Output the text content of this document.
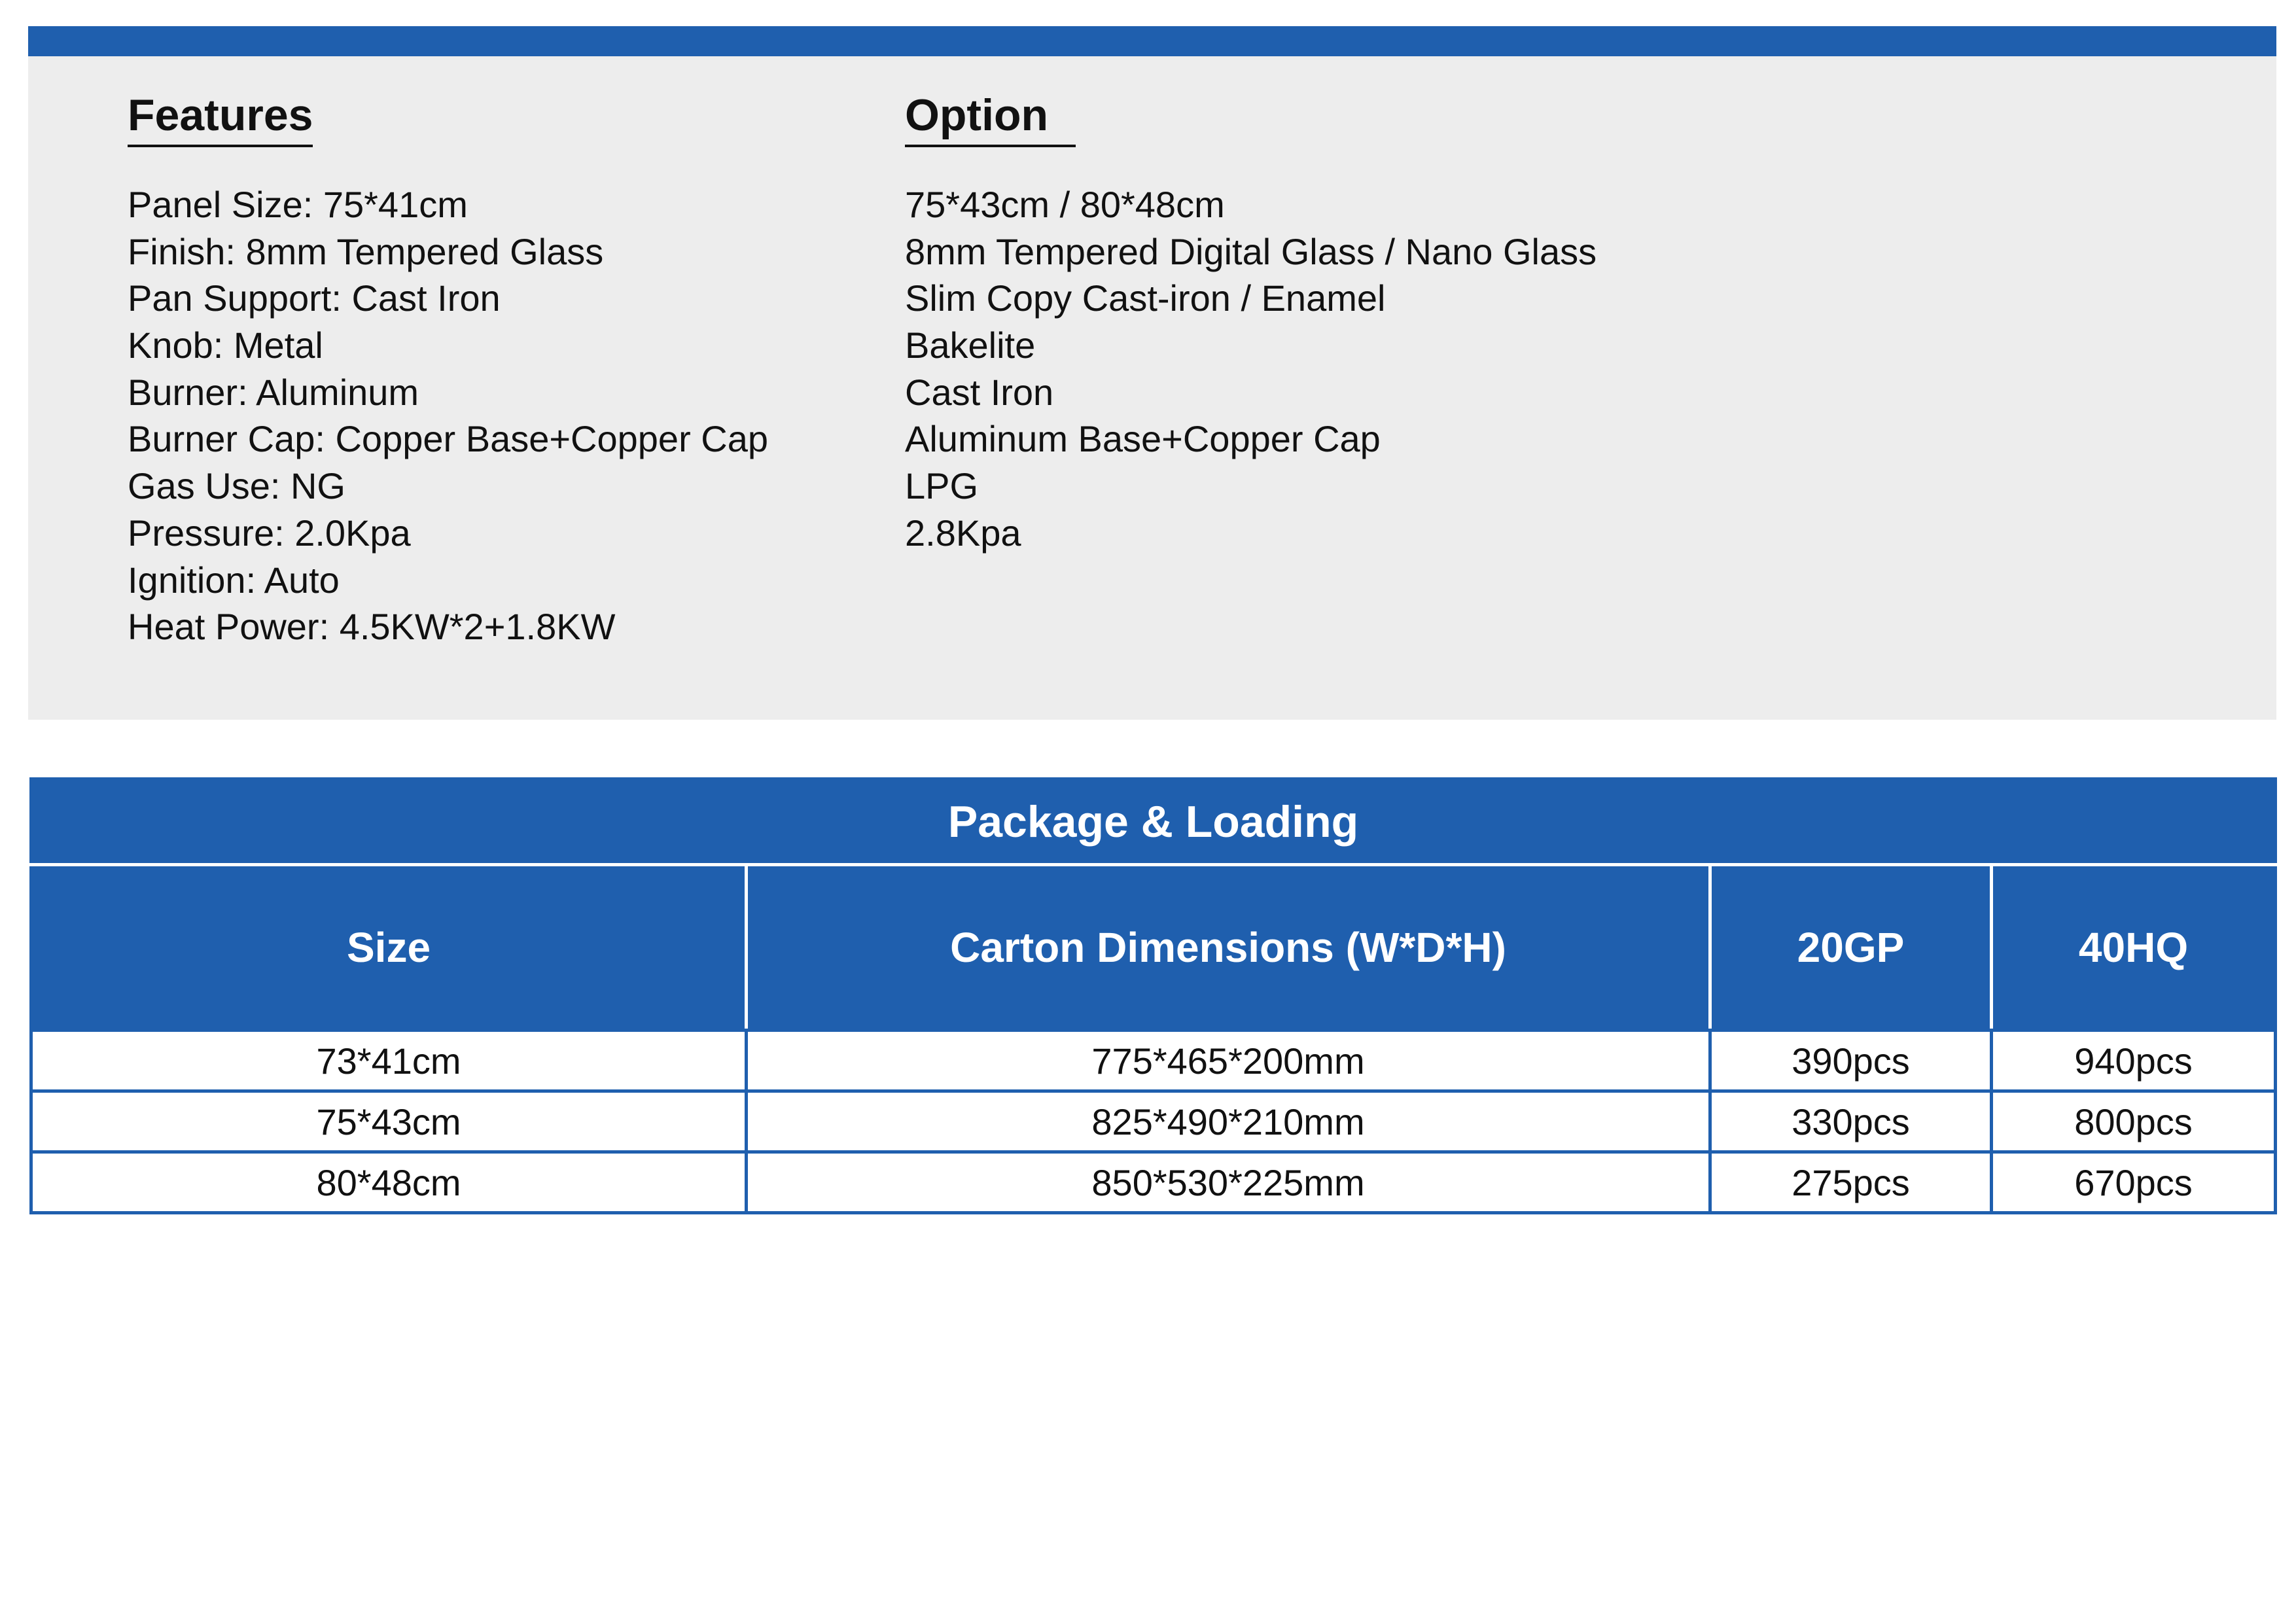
Features
Panel Size: 75*41cm
Finish: 8mm Tempered Glass
Pan Support: Cast Iron
Knob: Metal
Burner: Aluminum
Burner Cap: Copper Base+Copper Cap
Gas Use: NG
Pressure: 2.0Kpa
Ignition: Auto
Heat Power: 4.5KW*2+1.8KW
Option
75*43cm / 80*48cm
8mm Tempered Digital Glass / Nano Glass
Slim Copy Cast-iron / Enamel
Bakelite
Cast Iron
Aluminum Base+Copper Cap
LPG
2.8Kpa
Package & Loading			
Size	Carton Dimensions (W*D*H)	20GP	40HQ
73*41cm	775*465*200mm	390pcs	940pcs
75*43cm	825*490*210mm	330pcs	800pcs
80*48cm	850*530*225mm	275pcs	670pcs
